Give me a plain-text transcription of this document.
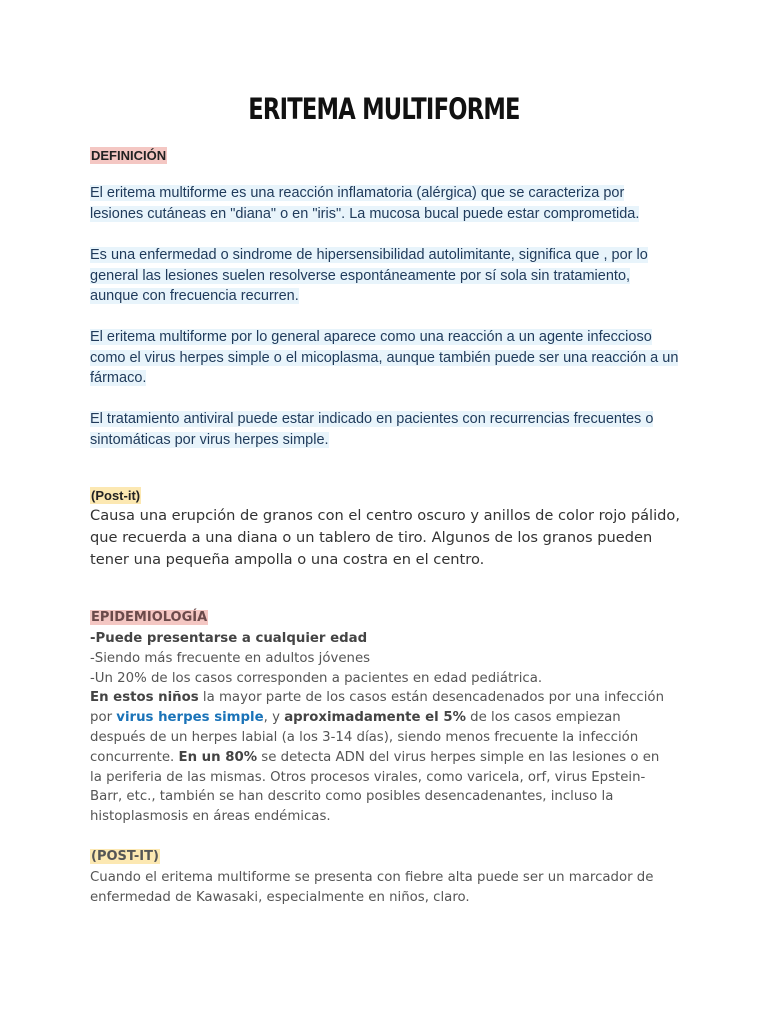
ERITEMA MULTIFORME
DEFINICIÓN
El eritema multiforme es una reacción inflamatoria (alérgica) que se caracteriza por lesiones cutáneas en "diana" o en "iris". La mucosa bucal puede estar comprometida.
Es una enfermedad o sindrome de hipersensibilidad autolimitante, significa que , por lo general las lesiones suelen resolverse espontáneamente por sí sola sin tratamiento, aunque con frecuencia recurren.
El eritema multiforme por lo general aparece como una reacción a un agente infeccioso como el virus herpes simple o el micoplasma, aunque también puede ser una reacción a un fármaco.
El tratamiento antiviral puede estar indicado en pacientes con recurrencias frecuentes o sintomáticas por virus herpes simple.
(Post-it)
Causa una erupción de granos con el centro oscuro y anillos de color rojo pálido, que recuerda a una diana o un tablero de tiro. Algunos de los granos pueden tener una pequeña ampolla o una costra en el centro.
EPIDEMIOLOGÍA

-Puede presentarse a cualquier edad

-Siendo más frecuente en adultos jóvenes

-Un 20% de los casos corresponden a pacientes en edad pediátrica.

En estos niños la mayor parte de los casos están desencadenados por una infección por virus herpes simple, y aproximadamente el 5% de los casos empiezan después de un herpes labial (a los 3-14 días), siendo menos frecuente la infección concurrente. En un 80% se detecta ADN del virus herpes simple en las lesiones o en la periferia de las mismas. Otros procesos virales, como varicela, orf, virus Epstein-Barr, etc., también se han descrito como posibles desencadenantes, incluso la histoplasmosis en áreas endémicas.

(POST-IT)
Cuando el eritema multiforme se presenta con fiebre alta puede ser un marcador de enfermedad de Kawasaki, especialmente en niños, claro.
